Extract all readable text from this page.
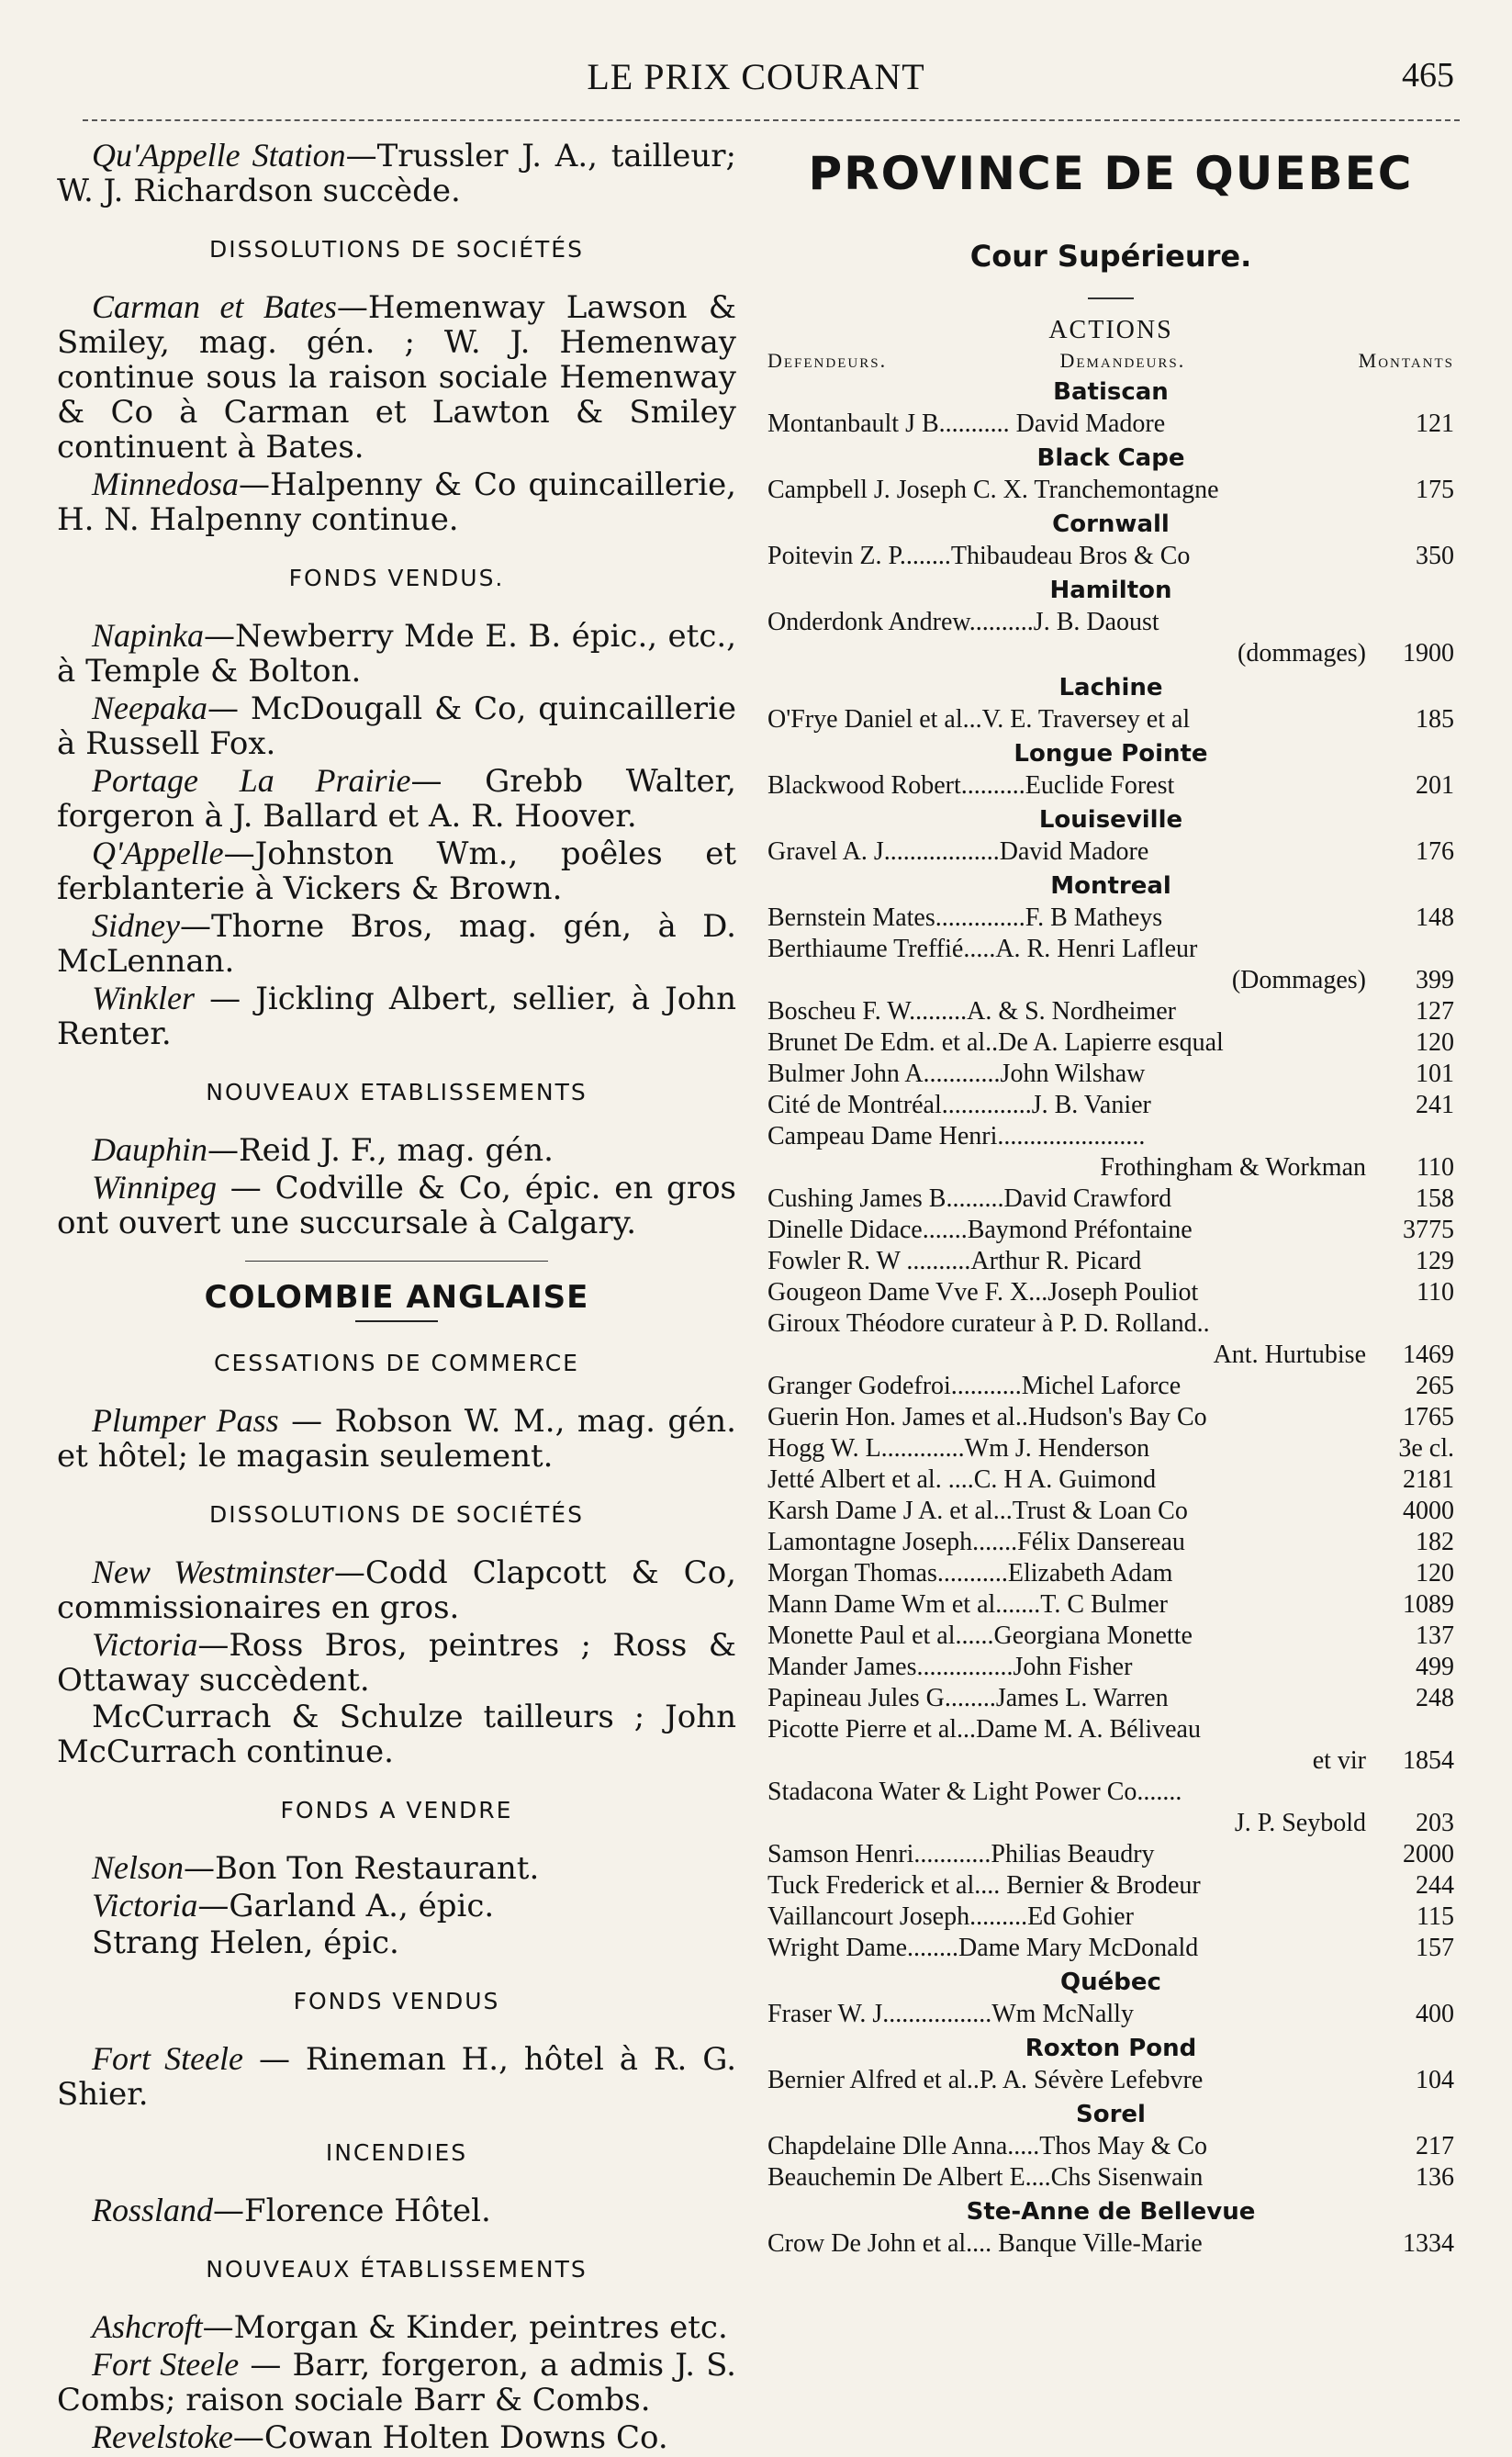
LE PRIX COURANT	465

Qu'Appelle Station—Trussler J. A., tailleur; W. J. Richardson succède.

DISSOLUTIONS DE SOCIÉTÉS

Carman et Bates—Hemenway Lawson & Smiley, mag. gén. ; W. J. Hemenway continue sous la raison sociale Hemenway & Co à Carman et Lawton & Smiley continuent à Bates.

Minnedosa—Halpenny & Co quincaillerie, H. N. Halpenny continue.

FONDS VENDUS.

Napinka—Newberry Mde E. B. épic., etc., à Temple & Bolton.

Neepaka— McDougall & Co, quincaillerie à Russell Fox.

Portage La Prairie— Grebb Walter, forgeron à J. Ballard et A. R. Hoover.

Q'Appelle—Johnston Wm., poêles et ferblanterie à Vickers & Brown.

Sidney—Thorne Bros, mag. gén, à D. McLennan.

Winkler — Jickling Albert, sellier, à John Renter.

NOUVEAUX ETABLISSEMENTS

Dauphin—Reid J. F., mag. gén.

Winnipeg — Codville & Co, épic. en gros ont ouvert une succursale à Calgary.

COLOMBIE ANGLAISE
CESSATIONS DE COMMERCE

Plumper Pass — Robson W. M., mag. gén. et hôtel; le magasin seulement.

DISSOLUTIONS DE SOCIÉTÉS

New Westminster—Codd Clapcott & Co, commissionaires en gros.

Victoria—Ross Bros, peintres ; Ross & Ottaway succèdent.

McCurrach & Schulze tailleurs ; John McCurrach continue.

FONDS A VENDRE

Nelson—Bon Ton Restaurant.

Victoria—Garland A., épic.

Strang Helen, épic.

FONDS VENDUS

Fort Steele — Rineman H., hôtel à R. G. Shier.

INCENDIES

Rossland—Florence Hôtel.

NOUVEAUX ÉTABLISSEMENTS

Ashcroft—Morgan & Kinder, peintres etc.

Fort Steele — Barr, forgeron, a admis J. S. Combs; raison sociale Barr & Combs.

Revelstoke—Cowan Holten Downs Co.

PROVINCE DE QUEBEC
Cour Supérieure.
ACTIONS
Defendeurs.	Demandeurs.	Montants
Batiscan
Montanbault J B........... David Madore	121
Black Cape
Campbell J. Joseph C. X. Tranchemontagne	175
Cornwall
Poitevin Z. P........Thibaudeau Bros & Co	350
Hamilton
Onderdonk Andrew..........J. B. Daoust
(dommages)	1900
Lachine
O'Frye Daniel et al...V. E. Traversey et al	185
Longue Pointe
Blackwood Robert..........Euclide Forest	201
Louiseville
Gravel A. J..................David Madore	176
Montreal
Bernstein Mates..............F. B Matheys	148
Berthiaume Treffié.....A. R. Henri Lafleur
(Dommages)	399
Boscheu F. W.........A. & S. Nordheimer	127
Brunet De Edm. et al..De A. Lapierre esqual	120
Bulmer John A............John Wilshaw	101
Cité de Montréal..............J. B. Vanier	241
Campeau Dame Henri.......................
Frothingham & Workman	110
Cushing James B.........David Crawford	158
Dinelle Didace.......Baymond Préfontaine	3775
Fowler R. W ..........Arthur R. Picard	129
Gougeon Dame Vve F. X...Joseph Pouliot	110
Giroux Théodore curateur à P. D. Rolland..
Ant. Hurtubise	1469
Granger Godefroi...........Michel Laforce	265
Guerin Hon. James et al..Hudson's Bay Co	1765
Hogg W. L.............Wm J. Henderson	3e cl.
Jetté Albert et al. ....C. H A. Guimond	2181
Karsh Dame J A. et al...Trust & Loan Co	4000
Lamontagne Joseph.......Félix Dansereau	182
Morgan Thomas...........Elizabeth Adam	120
Mann Dame Wm et al.......T. C Bulmer	1089
Monette Paul et al......Georgiana Monette	137
Mander James...............John Fisher	499
Papineau Jules G........James L. Warren	248
Picotte Pierre et al...Dame M. A. Béliveau
et vir	1854
Stadacona Water & Light Power Co.......
J. P. Seybold	203
Samson Henri............Philias Beaudry	2000
Tuck Frederick et al.... Bernier & Brodeur	244
Vaillancourt Joseph.........Ed Gohier	115
Wright Dame........Dame Mary McDonald	157
Québec
Fraser W. J.................Wm McNally	400
Roxton Pond
Bernier Alfred et al..P. A. Sévère Lefebvre	104
Sorel
Chapdelaine Dlle Anna.....Thos May & Co	217
Beauchemin De Albert E....Chs Sisenwain	136
Ste-Anne de Bellevue
Crow De John et al.... Banque Ville-Marie	1334
